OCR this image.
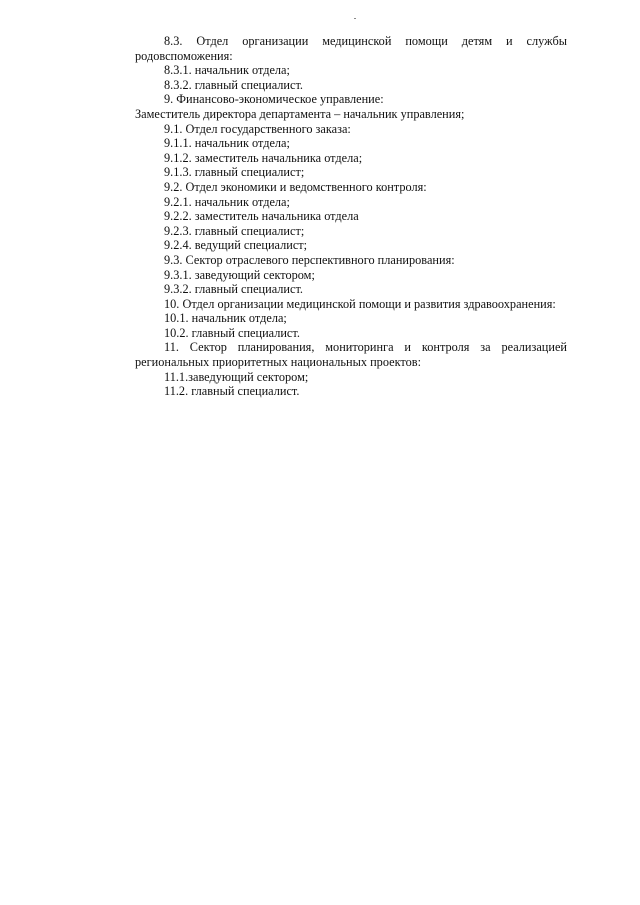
8.3. Отдел организации медицинской помощи детям и службы родовспоможения:
8.3.1. начальник отдела;
8.3.2. главный специалист.
9. Финансово-экономическое управление:
Заместитель директора департамента – начальник управления;
9.1. Отдел государственного заказа:
9.1.1. начальник отдела;
9.1.2. заместитель начальника отдела;
9.1.3. главный специалист;
9.2. Отдел экономики и ведомственного контроля:
9.2.1. начальник отдела;
9.2.2. заместитель начальника отдела
9.2.3. главный специалист;
9.2.4. ведущий специалист;
9.3. Сектор отраслевого перспективного планирования:
9.3.1. заведующий сектором;
9.3.2. главный специалист.
10. Отдел организации медицинской помощи и развития здравоохранения:
10.1. начальник отдела;
10.2. главный специалист.
11. Сектор планирования, мониторинга и контроля за реализацией региональных приоритетных национальных проектов:
11.1.заведующий сектором;
11.2. главный специалист.
